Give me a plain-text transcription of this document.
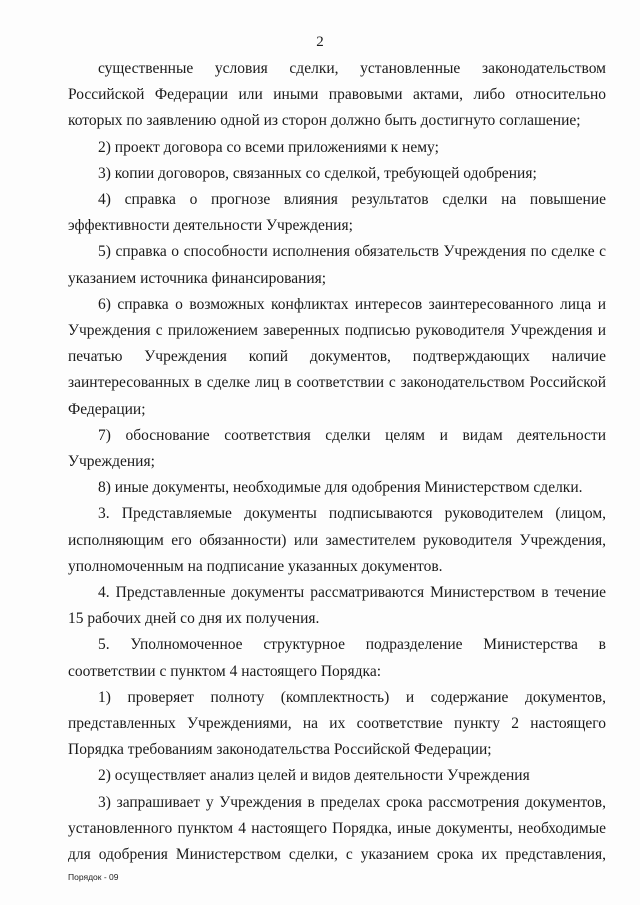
2

существенные условия сделки, установленные законодательством Российской Федерации или иными правовыми актами, либо относительно которых по заявлению одной из сторон должно быть достигнуто соглашение;

2) проект договора со всеми приложениями к нему;

3) копии договоров, связанных со сделкой, требующей одобрения;

4) справка о прогнозе влияния результатов сделки на повышение эффективности деятельности Учреждения;

5) справка о способности исполнения обязательств Учреждения по сделке с указанием источника финансирования;

6) справка о возможных конфликтах интересов заинтересованного лица и Учреждения с приложением заверенных подписью руководителя Учреждения и печатью Учреждения копий документов, подтверждающих наличие заинтересованных в сделке лиц в соответствии с законодательством Российской Федерации;

7) обоснование соответствия сделки целям и видам деятельности Учреждения;

8) иные документы, необходимые для одобрения Министерством сделки.

3. Представляемые документы подписываются руководителем (лицом, исполняющим его обязанности) или заместителем руководителя Учреждения, уполномоченным на подписание указанных документов.

4. Представленные документы рассматриваются Министерством в течение 15 рабочих дней со дня их получения.

5. Уполномоченное структурное подразделение Министерства в соответствии с пунктом 4 настоящего Порядка:

1) проверяет полноту (комплектность) и содержание документов, представленных Учреждениями, на их соответствие пункту 2 настоящего Порядка требованиям законодательства Российской Федерации;

2) осуществляет анализ целей и видов деятельности Учреждения

3) запрашивает у Учреждения в пределах срока рассмотрения документов, установленного пунктом 4 настоящего Порядка, иные документы, необходимые для одобрения Министерством сделки, с указанием срока их представления,

Порядок - 09
